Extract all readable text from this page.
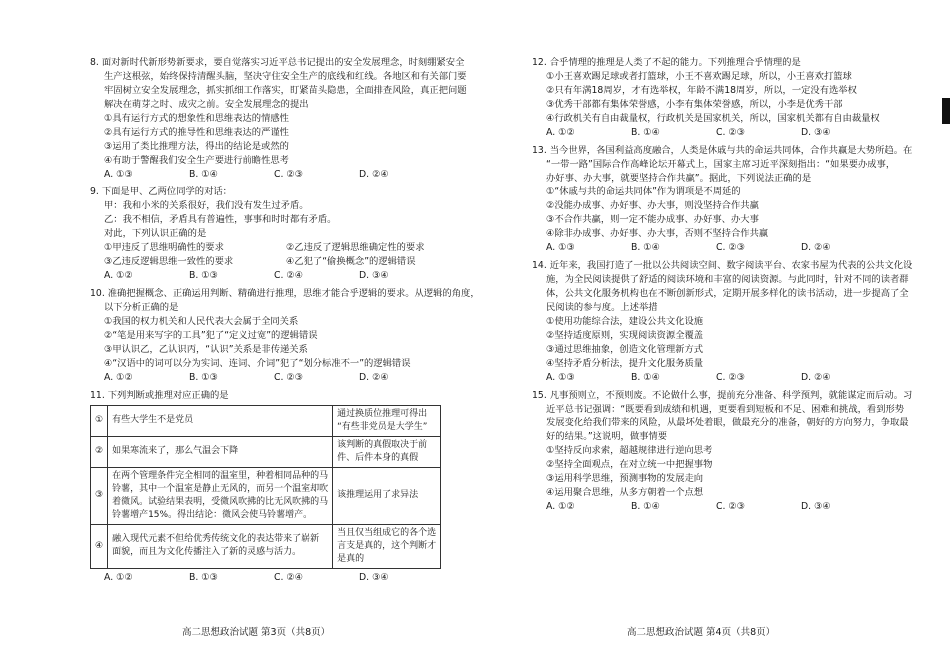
8. 面对新时代新形势新要求，要自觉落实习近平总书记提出的安全发展理念，时刻绷紧安全
生产这根弦，始终保持清醒头脑，坚决守住安全生产的底线和红线。各地区和有关部门要
牢固树立安全发展理念，抓实抓细工作落实，盯紧苗头隐患，全面排查风险，真正把问题
解决在萌芽之时、成灾之前。安全发展理念的提出
①具有运行方式的想象性和思维表达的情感性
②具有运行方式的推导性和思维表达的严谨性
③运用了类比推理方法，得出的结论是或然的
④有助于警醒我们安全生产要进行前瞻性思考
A. ①③	B. ①④	C. ②③	D. ②④
9. 下面是甲、乙两位同学的对话：
甲：我和小米的关系很好，我们没有发生过矛盾。
乙：我不相信，矛盾具有普遍性，事事和时时都有矛盾。
对此，下列认识正确的是
①甲违反了思维明确性的要求	②乙违反了逻辑思维确定性的要求
③乙违反逻辑思维一致性的要求	④乙犯了“偷换概念”的逻辑错误
A. ①②	B. ①③	C. ②④	D. ③④
10. 准确把握概念、正确运用判断、精确进行推理，思维才能合乎逻辑的要求。从逻辑的角度，
以下分析正确的是
①我国的权力机关和人民代表大会属于全同关系
②“笔是用来写字的工具”犯了“定义过宽”的逻辑错误
③甲认识乙，乙认识丙，“认识”关系是非传递关系
④“汉语中的词可以分为实词、连词、介词”犯了“划分标准不一”的逻辑错误
A. ①②	B. ①③	C. ②③	D. ②④
11. 下列判断或推理对应正确的是
①	有些大学生不是党员	通过换质位推理可得出
“有些非党员是大学生”

②	如果寒流来了，那么气温会下降	该判断的真假取决于前
件、后件本身的真假

③	在两个管理条件完全相同的温室里，种着相同品种的马
铃薯，其中一个温室是静止无风的，而另一个温室却吹
着微风。试验结果表明，受微风吹拂的比无风吹拂的马
铃薯增产15%。得出结论：微风会使马铃薯增产。	该推理运用了求异法
④	融入现代元素不但给优秀传统文化的表达带来了崭新
面貌，而且为文化传播注入了新的灵感与活力。	当且仅当组成它的各个选
言支是真的，这个判断才
是真的
A. ①②	B. ①③	C. ②④	D. ③④
12. 合乎情理的推理是人类了不起的能力。下列推理合乎情理的是
①小王喜欢踢足球或者打篮球，小王不喜欢踢足球，所以，小王喜欢打篮球
②只有年满18周岁，才有选举权，年龄不满18周岁，所以，一定没有选举权
③优秀干部都有集体荣誉感，小李有集体荣誉感，所以，小李是优秀干部
④行政机关有自由裁量权，行政机关是国家机关，所以，国家机关都有自由裁量权
A. ①②	B. ①④	C. ②③	D. ③④
13. 当今世界，各国利益高度融合，人类是休戚与共的命运共同体，合作共赢是大势所趋。在
“一带一路”国际合作高峰论坛开幕式上，国家主席习近平深刻指出：“如果要办成事，
办好事、办大事，就要坚持合作共赢”。据此，下列说法正确的是
①“休戚与共的命运共同体”作为谓项是不周延的
②没能办成事、办好事、办大事，则没坚持合作共赢
③不合作共赢，则一定不能办成事、办好事、办大事
④除非办成事、办好事、办大事，否则不坚持合作共赢
A. ①③	B. ①④	C. ②③	D. ②④
14. 近年来，我国打造了一批以公共阅读空间、数字阅读平台、农家书屋为代表的公共文化设
施，为全民阅读提供了舒适的阅读环境和丰富的阅读资源。与此同时，针对不同的读者群
体，公共文化服务机构也在不断创新形式，定期开展多样化的读书活动，进一步提高了全
民阅读的参与度。上述举措
①使用功能综合法，建设公共文化设施
②坚持适度原则，实现阅读资源全覆盖
③通过思维抽象，创造文化管理新方式
④坚持矛盾分析法，提升文化服务质量
A. ①③	B. ①④	C. ②③	D. ②④
15. 凡事预则立，不预则废。不论做什么事，提前充分准备、科学预判，就能谋定而后动。习
近平总书记强调：“既要看到成绩和机遇，更要看到短板和不足、困难和挑战，看到形势
发展变化给我们带来的风险，从最坏处着眼，做最充分的准备，朝好的方向努力，争取最
好的结果。”这说明，做事情要
①坚持反向求索，超越规律进行逆向思考
②坚持全面观点，在对立统一中把握事物
③运用科学思维，预测事物的发展走向
④运用聚合思维，从多方朝着一个点想
A. ①②	B. ①④	C. ②③	D. ③④
高二思想政治试题 第3页（共8页）	高二思想政治试题 第4页（共8页）
